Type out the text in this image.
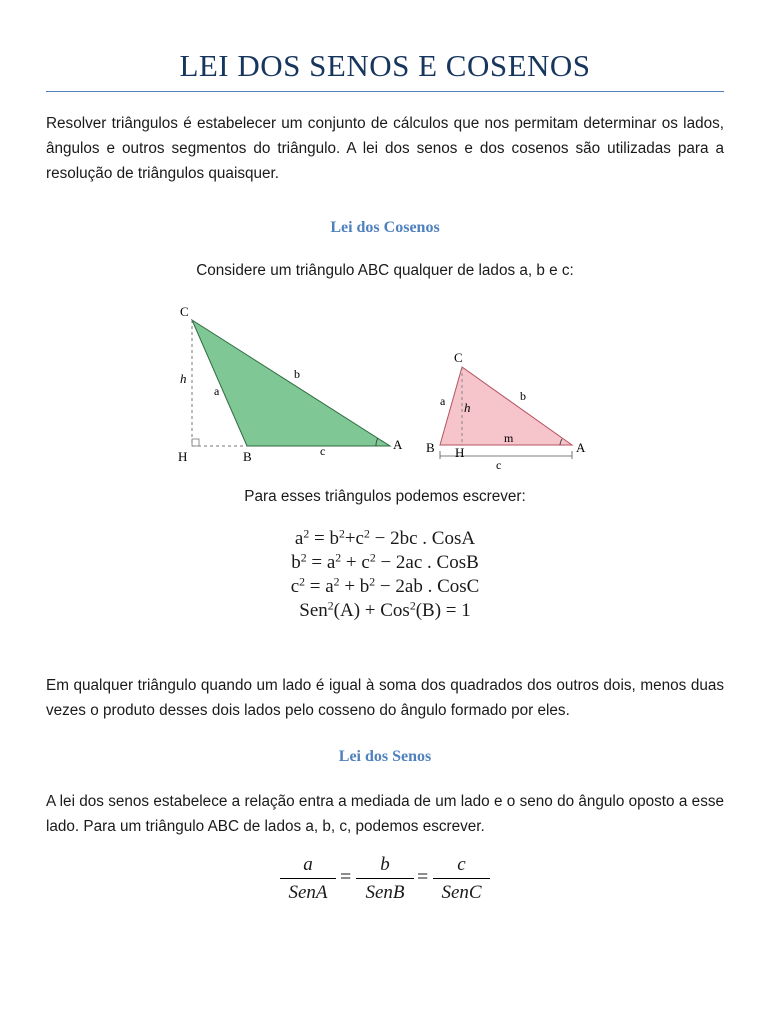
LEI DOS SENOS E COSENOS
Resolver triângulos é estabelecer um conjunto de cálculos que nos permitam determinar os lados, ângulos e outros segmentos do triângulo. A lei dos senos e dos cosenos são utilizadas para a resolução de triângulos quaisquer.
Lei dos Cosenos
Considere um triângulo ABC qualquer de lados a, b e c:
C
A
B
H
a
b
c
h
C
A
B H
a	b
c
h
m
Para esses triângulos podemos escrever:
$a^2 = b^2+c^2 - 2bc$ . CosA
$b^2 = a^2 + c^2 - 2ac$ . CosB
$c^2 = a^2 + b^2 - 2ab$ . CosC
Sen$^2$(A) + Cos$^2$(B) = 1
Em qualquer triângulo quando um lado é igual à soma dos quadrados dos outros dois, menos duas vezes o produto desses dois lados pelo cosseno do ângulo formado por eles.
Lei dos Senos
A lei dos senos estabelece a relação entra a mediada de um lado e o seno do ângulo oposto a esse lado. Para um triângulo ABC de lados a, b, c, podemos escrever.
a
SenA
=
b
SenB
=
c
SenC
